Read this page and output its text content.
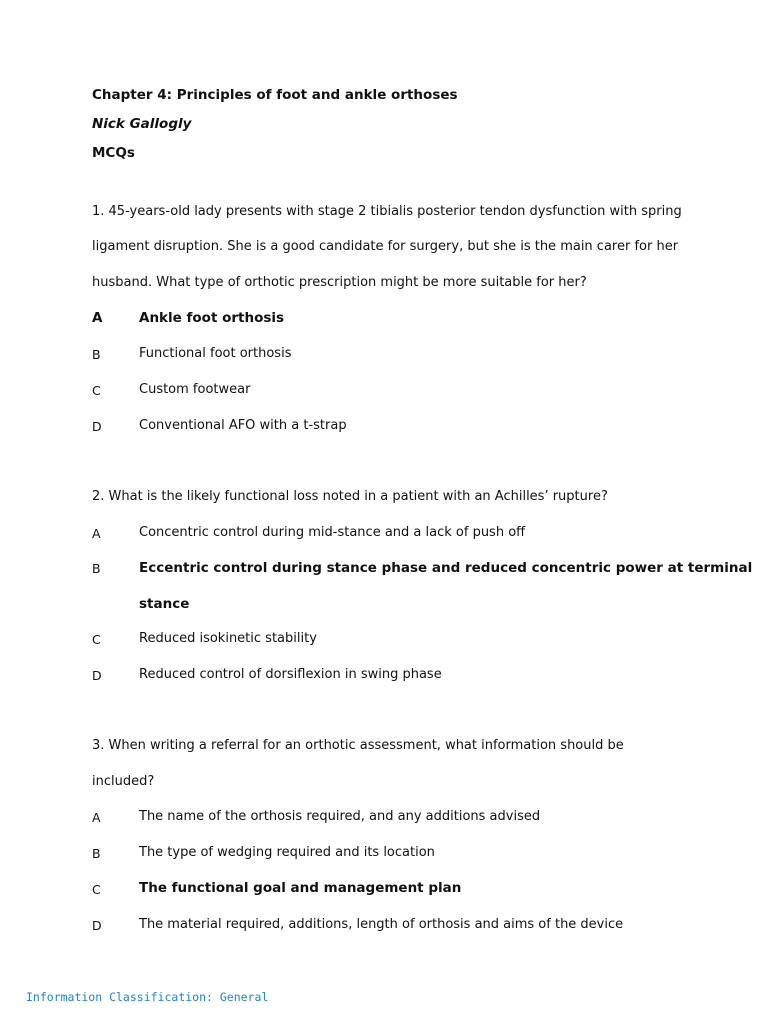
Chapter 4: Principles of foot and ankle orthoses
Nick Gallogly
MCQs
1. 45-years-old lady presents with stage 2 tibialis posterior tendon dysfunction with spring
ligament disruption. She is a good candidate for surgery, but she is the main carer for her
husband. What type of orthotic prescription might be more suitable for her?
A	Ankle foot orthosis
B	Functional foot orthosis
C	Custom footwear
D	Conventional AFO with a t-strap
2. What is the likely functional loss noted in a patient with an Achilles’ rupture?
A	Concentric control during mid-stance and a lack of push off
B	Eccentric control during stance phase and reduced concentric power at terminal
stance
C	Reduced isokinetic stability
D	Reduced control of dorsiflexion in swing phase
3. When writing a referral for an orthotic assessment, what information should be
included?
A	The name of the orthosis required, and any additions advised
B	The type of wedging required and its location
C	The functional goal and management plan
D	The material required, additions, length of orthosis and aims of the device
Information Classification: General
